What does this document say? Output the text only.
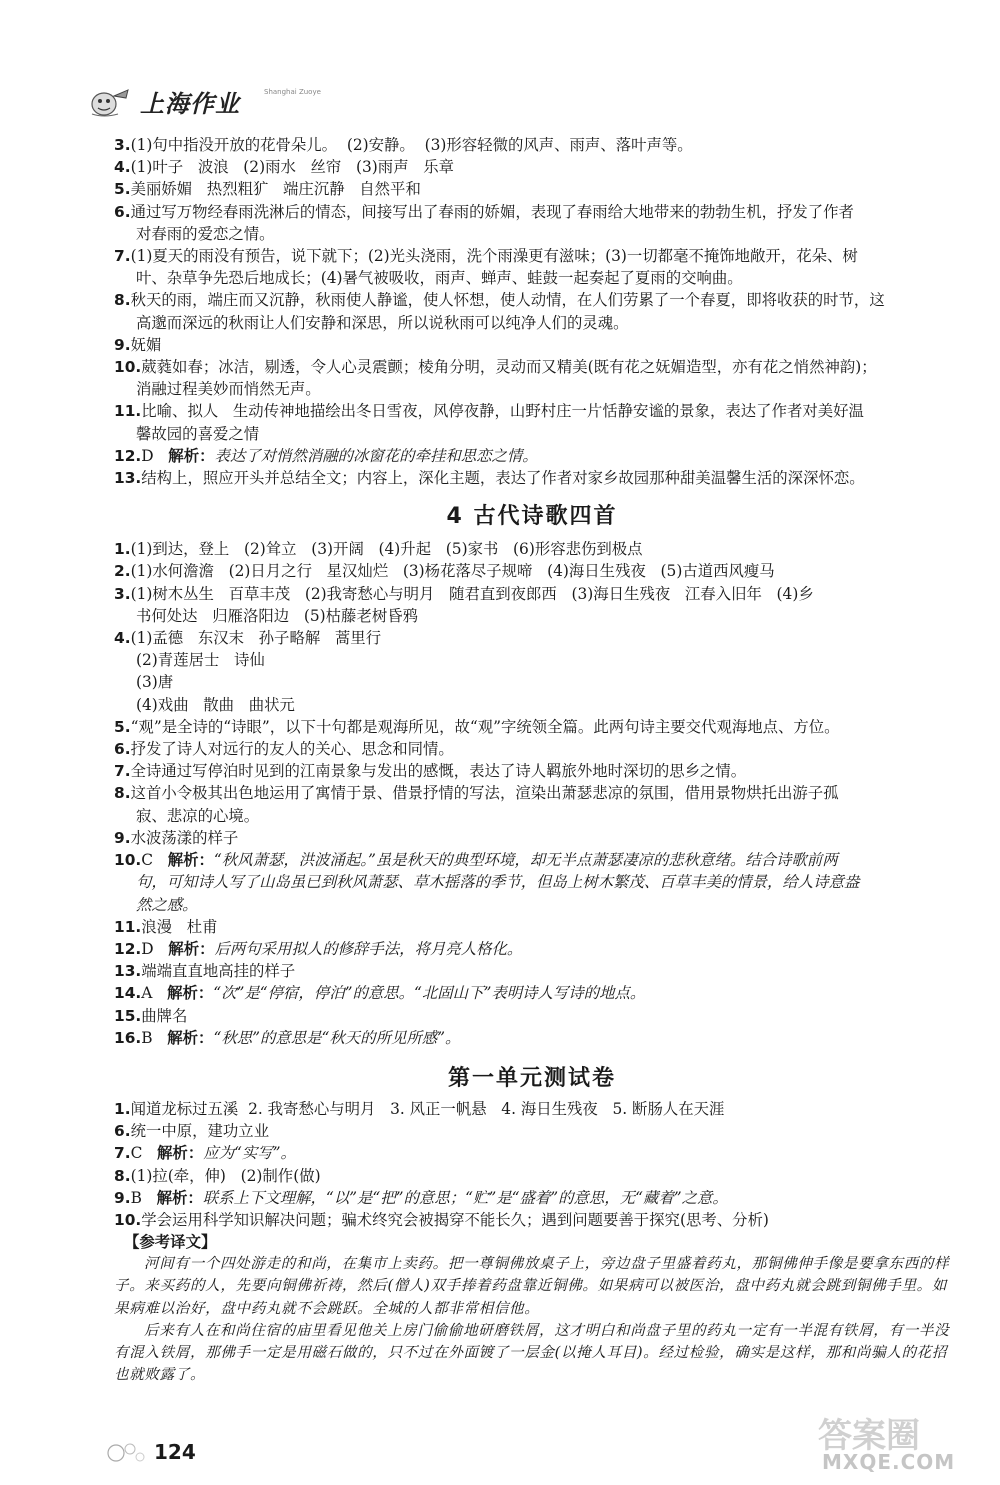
上海作业	Shanghai Zuoye

3.(1)句中指没开放的花骨朵儿。  (2)安静。  (3)形容轻微的风声、雨声、落叶声等。

4.(1)叶子   波浪   (2)雨水   丝帘   (3)雨声   乐章

5.美丽娇媚   热烈粗犷   端庄沉静   自然平和

6.通过写万物经春雨洗淋后的情态，间接写出了春雨的娇媚，表现了春雨给大地带来的勃勃生机，抒发了作者

对春雨的爱恋之情。

7.(1)夏天的雨没有预告，说下就下；(2)光头浇雨，洗个雨澡更有滋味；(3)一切都毫不掩饰地敞开，花朵、树

叶、杂草争先恐后地成长；(4)暑气被吸收，雨声、蝉声、蛙鼓一起奏起了夏雨的交响曲。

8.秋天的雨，端庄而又沉静，秋雨使人静谧，使人怀想，使人动情，在人们劳累了一个春夏，即将收获的时节，这

高邈而深远的秋雨让人们安静和深思，所以说秋雨可以纯净人们的灵魂。

9.妩媚

10.葳蕤如春；冰洁，剔透，令人心灵震颤；棱角分明，灵动而又精美(既有花之妩媚造型，亦有花之悄然神韵)；

消融过程美妙而悄然无声。

11.比喻、拟人   生动传神地描绘出冬日雪夜，风停夜静，山野村庄一片恬静安谧的景象，表达了作者对美好温

馨故园的喜爱之情

12.D 解析：表达了对悄然消融的冰窗花的牵挂和思恋之情。

13.结构上，照应开头并总结全文；内容上，深化主题，表达了作者对家乡故园那种甜美温馨生活的深深怀恋。

4 古代诗歌四首

1.(1)到达，登上   (2)耸立   (3)开阔   (4)升起   (5)家书   (6)形容悲伤到极点

2.(1)水何澹澹   (2)日月之行   星汉灿烂   (3)杨花落尽子规啼   (4)海日生残夜   (5)古道西风瘦马

3.(1)树木丛生   百草丰茂   (2)我寄愁心与明月   随君直到夜郎西   (3)海日生残夜   江春入旧年   (4)乡

书何处达   归雁洛阳边   (5)枯藤老树昏鸦

4.(1)孟德   东汉末   孙子略解   蒿里行

(2)青莲居士   诗仙

(3)唐

(4)戏曲   散曲   曲状元

5.“观”是全诗的“诗眼”，以下十句都是观海所见，故“观”字统领全篇。此两句诗主要交代观海地点、方位。

6.抒发了诗人对远行的友人的关心、思念和同情。

7.全诗通过写停泊时见到的江南景象与发出的感慨，表达了诗人羁旅外地时深切的思乡之情。

8.这首小令极其出色地运用了寓情于景、借景抒情的写法，渲染出萧瑟悲凉的氛围，借用景物烘托出游子孤

寂、悲凉的心境。

9.水波荡漾的样子

10.C 解析：“秋风萧瑟，洪波涌起。”虽是秋天的典型环境，却无半点萧瑟凄凉的悲秋意绪。结合诗歌前两

句，可知诗人写了山岛虽已到秋风萧瑟、草木摇落的季节，但岛上树木繁茂、百草丰美的情景，给人诗意盎

然之感。

11.浪漫   杜甫

12.D 解析：后两句采用拟人的修辞手法，将月亮人格化。

13.端端直直地高挂的样子

14.A 解析：“次”是“停宿，停泊”的意思。“北固山下”表明诗人写诗的地点。

15.曲牌名

16.B 解析：“秋思”的意思是“秋天的所见所感”。

第一单元测试卷

1.闻道龙标过五溪  2. 我寄愁心与明月   3. 风正一帆悬   4. 海日生残夜   5. 断肠人在天涯

6.统一中原，建功立业

7.C 解析：应为“实写”。

8.(1)拉(牵，伸)   (2)制作(做)

9.B 解析：联系上下文理解，“以”是“把”的意思；“贮”是“盛着”的意思，无“藏着”之意。

10.学会运用科学知识解决问题；骗术终究会被揭穿不能长久；遇到问题要善于探究(思考、分析)

【参考译文】

河间有一个四处游走的和尚，在集市上卖药。把一尊铜佛放桌子上，旁边盘子里盛着药丸，那铜佛伸手像是要拿东西的样子。来买药的人，先要向铜佛祈祷，然后(僧人)双手捧着药盘靠近铜佛。如果病可以被医治，盘中药丸就会跳到铜佛手里。如果病难以治好，盘中药丸就不会跳跃。全城的人都非常相信他。

后来有人在和尚住宿的庙里看见他关上房门偷偷地研磨铁屑，这才明白和尚盘子里的药丸一定有一半混有铁屑，有一半没有混入铁屑，那佛手一定是用磁石做的，只不过在外面镀了一层金(以掩人耳目)。经过检验，确实是这样，那和尚骗人的花招也就败露了。

124	答案圈
MXQE.COM
